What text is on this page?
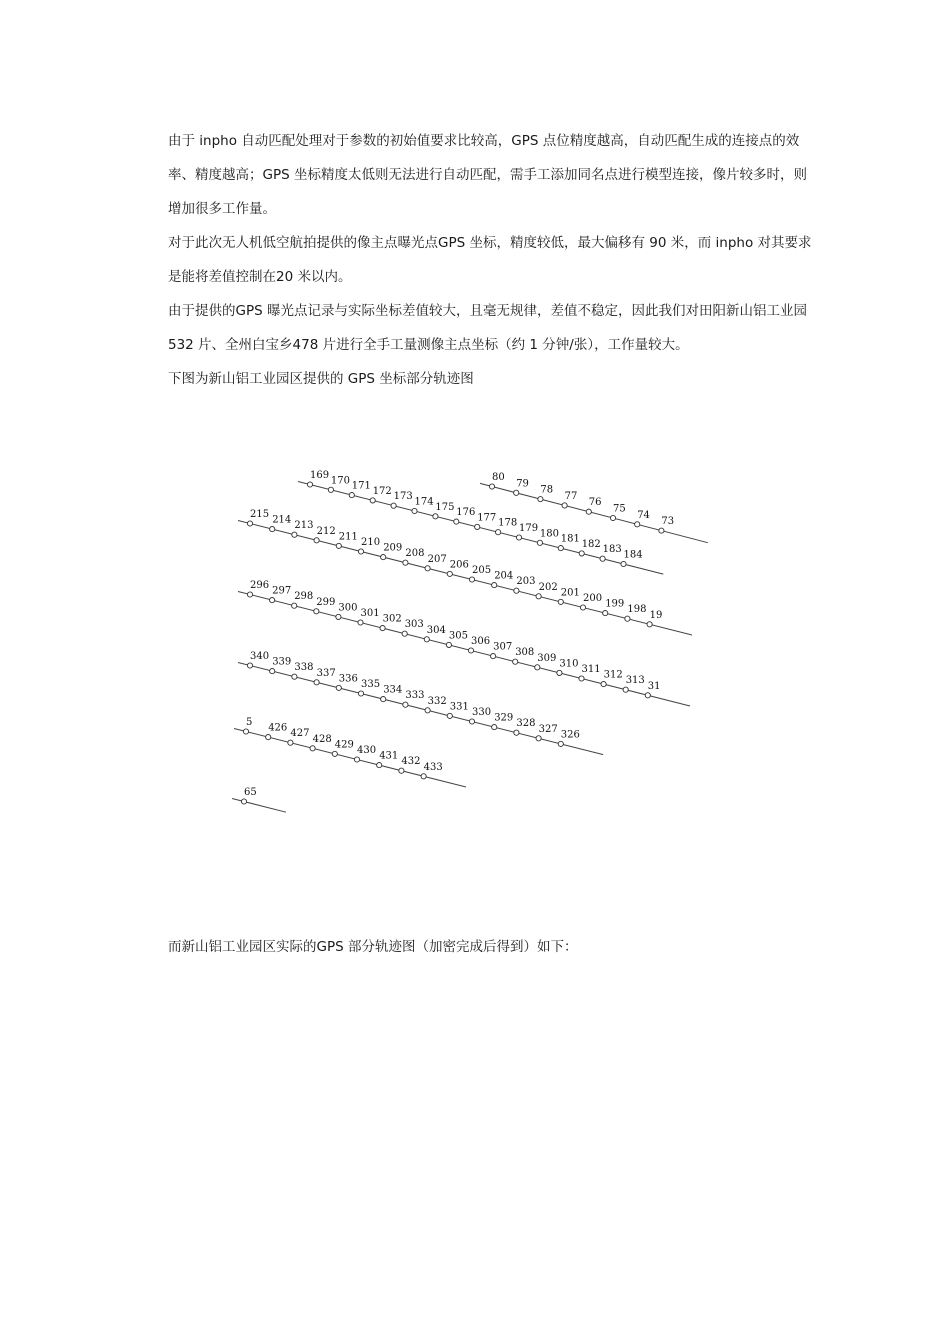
由于 inpho 自动匹配处理对于参数的初始值要求比较高，GPS 点位精度越高，自动匹配生成的连接点的效率、精度越高；GPS 坐标精度太低则无法进行自动匹配，需手工添加同名点进行模型连接，像片较多时，则增加很多工作量。

对于此次无人机低空航拍提供的像主点曝光点GPS 坐标，精度较低，最大偏移有 90 米，而 inpho 对其要求是能将差值控制在20 米以内。

由于提供的GPS 曝光点记录与实际坐标差值较大，且毫无规律，差值不稳定，因此我们对田阳新山铝工业园532 片、全州白宝乡478 片进行全手工量测像主点坐标（约 1 分钟/张），工作量较大。

下图为新山铝工业园区提供的 GPS 坐标部分轨迹图

169 170 171 172 173 174 175 176 177 178 179 180 181 182 183 184
80
79
78
77
76
75
74
73
215
214
213
212
211
210
209
208
207
206
205
204
203
202
201
200
199
198
19
296
297
298
299
300
301
302
303
304
305
306
307
308
309
310
311
312
313
31
340
339
338
337
336
335
334
333
332
331
330
329
328
327
326
5
426
427
428
429
430
431
432
433
65

而新山铝工业园区实际的GPS 部分轨迹图（加密完成后得到）如下：
